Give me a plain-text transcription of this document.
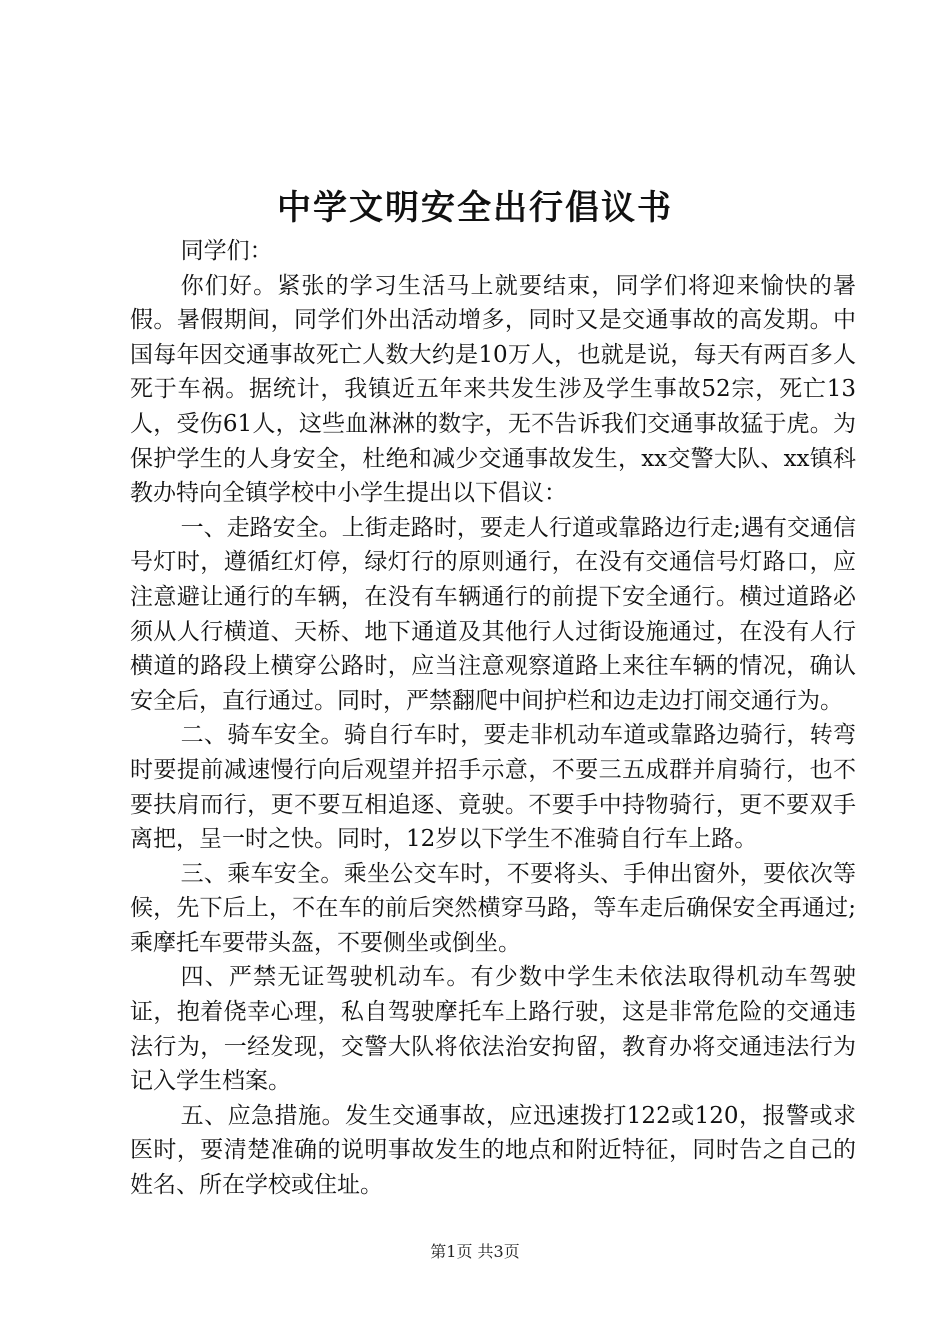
中学文明安全出行倡议书

同学们：

你们好。紧张的学习生活马上就要结束，同学们将迎来愉快的暑假。暑假期间，同学们外出活动增多，同时又是交通事故的高发期。中国每年因交通事故死亡人数大约是10万人，也就是说，每天有两百多人死于车祸。据统计，我镇近五年来共发生涉及学生事故52宗，死亡13人，受伤61人，这些血淋淋的数字，无不告诉我们交通事故猛于虎。为保护学生的人身安全，杜绝和减少交通事故发生，xx交警大队、xx镇科教办特向全镇学校中小学生提出以下倡议：

一、走路安全。上街走路时，要走人行道或靠路边行走;遇有交通信号灯时，遵循红灯停，绿灯行的原则通行，在没有交通信号灯路口，应注意避让通行的车辆，在没有车辆通行的前提下安全通行。横过道路必须从人行横道、天桥、地下通道及其他行人过街设施通过，在没有人行横道的路段上横穿公路时，应当注意观察道路上来往车辆的情况，确认安全后，直行通过。同时，严禁翻爬中间护栏和边走边打闹交通行为。

二、骑车安全。骑自行车时，要走非机动车道或靠路边骑行，转弯时要提前减速慢行向后观望并招手示意，不要三五成群并肩骑行，也不要扶肩而行，更不要互相追逐、竟驶。不要手中持物骑行，更不要双手离把，呈一时之快。同时，12岁以下学生不准骑自行车上路。

三、乘车安全。乘坐公交车时，不要将头、手伸出窗外，要依次等候，先下后上，不在车的前后突然横穿马路，等车走后确保安全再通过;乘摩托车要带头盔，不要侧坐或倒坐。

四、严禁无证驾驶机动车。有少数中学生未依法取得机动车驾驶证，抱着侥幸心理，私自驾驶摩托车上路行驶，这是非常危险的交通违法行为，一经发现，交警大队将依法治安拘留，教育办将交通违法行为记入学生档案。

五、应急措施。发生交通事故，应迅速拨打122或120，报警或求医时，要清楚准确的说明事故发生的地点和附近特征，同时告之自己的姓名、所在学校或住址。

第1页 共3页
